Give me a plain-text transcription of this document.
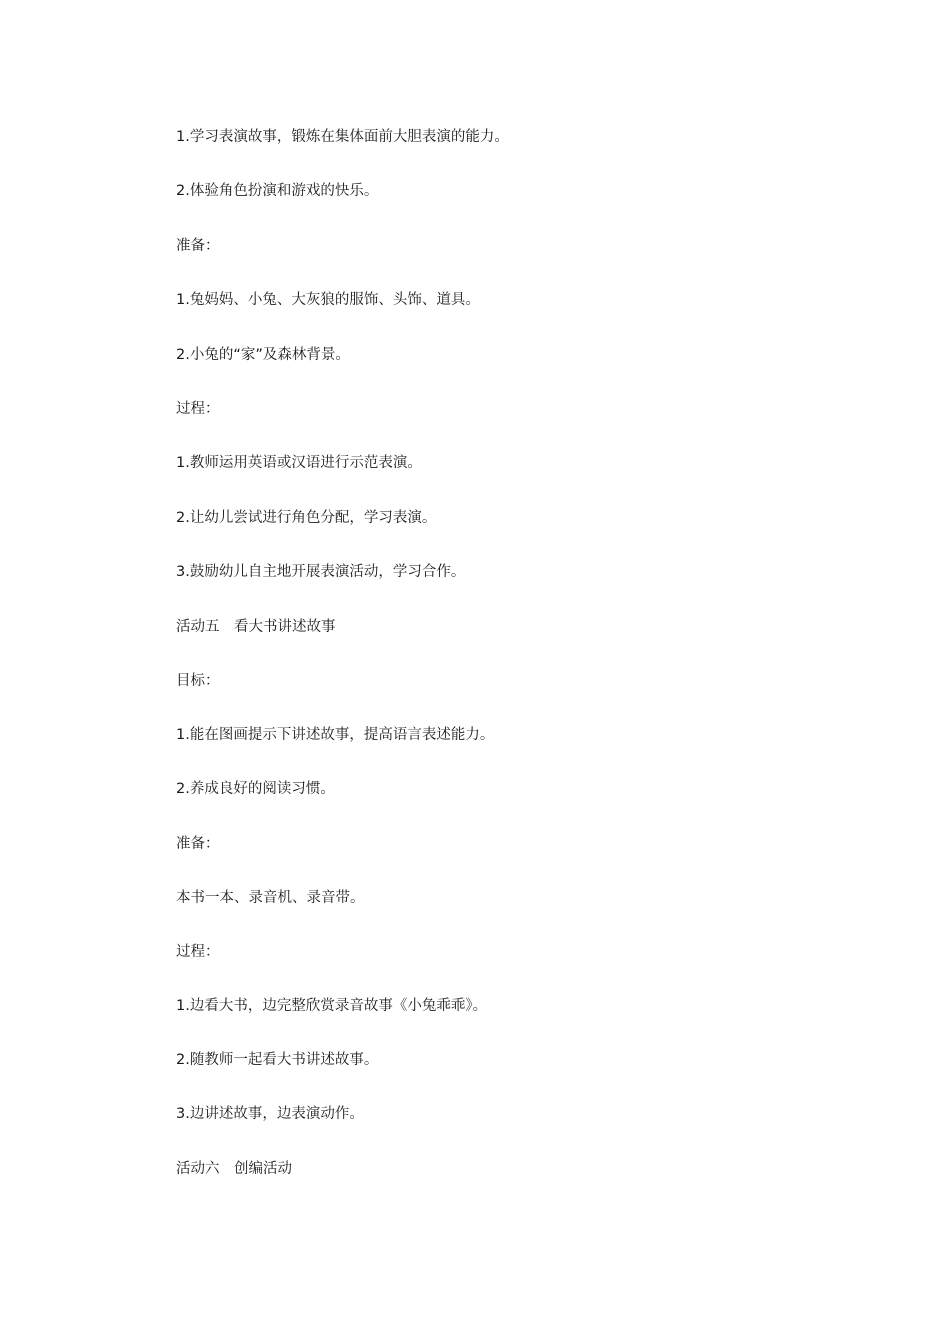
1.学习表演故事，锻炼在集体面前大胆表演的能力。

2.体验角色扮演和游戏的快乐。

准备：

1.兔妈妈、小兔、大灰狼的服饰、头饰、道具。

2.小兔的“家”及森林背景。

过程：

1.教师运用英语或汉语进行示范表演。

2.让幼儿尝试进行角色分配，学习表演。

3.鼓励幼儿自主地开展表演活动，学习合作。

活动五　看大书讲述故事

目标：

1.能在图画提示下讲述故事，提高语言表述能力。

2.养成良好的阅读习惯。

准备：

本书一本、录音机、录音带。

过程：

1.边看大书，边完整欣赏录音故事《小兔乖乖》。

2.随教师一起看大书讲述故事。

3.边讲述故事，边表演动作。

活动六　创编活动
